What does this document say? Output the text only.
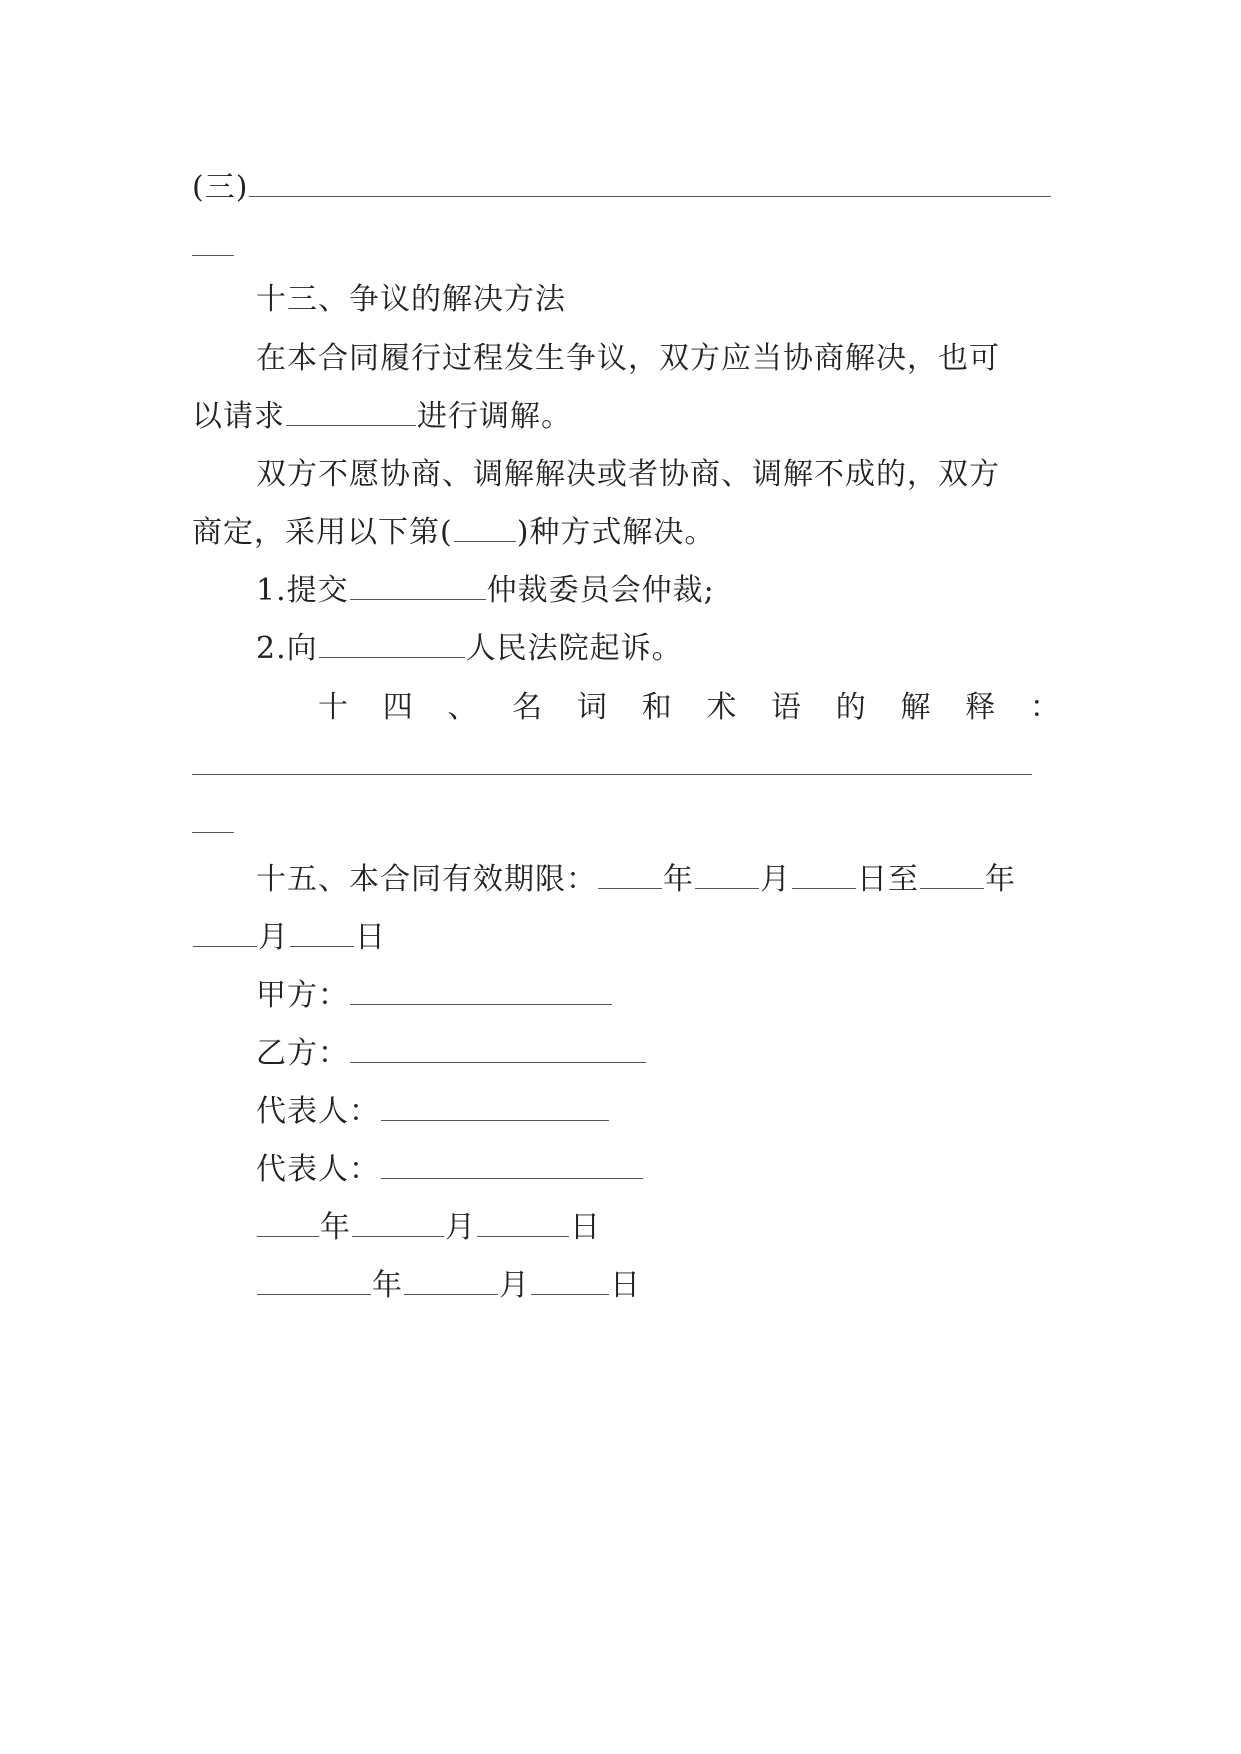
(三)
十三、争议的解决方法
在本合同履行过程发生争议，双方应当协商解决，也可
以请求	进行调解。
双方不愿协商、调解解决或者协商、调解不成的，双方
商定，采用以下第( )种方式解决。
1.提交	仲裁委员会仲裁;
2.向	人民法院起诉。
十 四 、 名 词 和 术 语 的 解 释 ：
十五、本合同有效期限： 年 月 日至 年
月 日
甲方：
乙方：
代表人：
代表人：
年	月	日
年	月	日
